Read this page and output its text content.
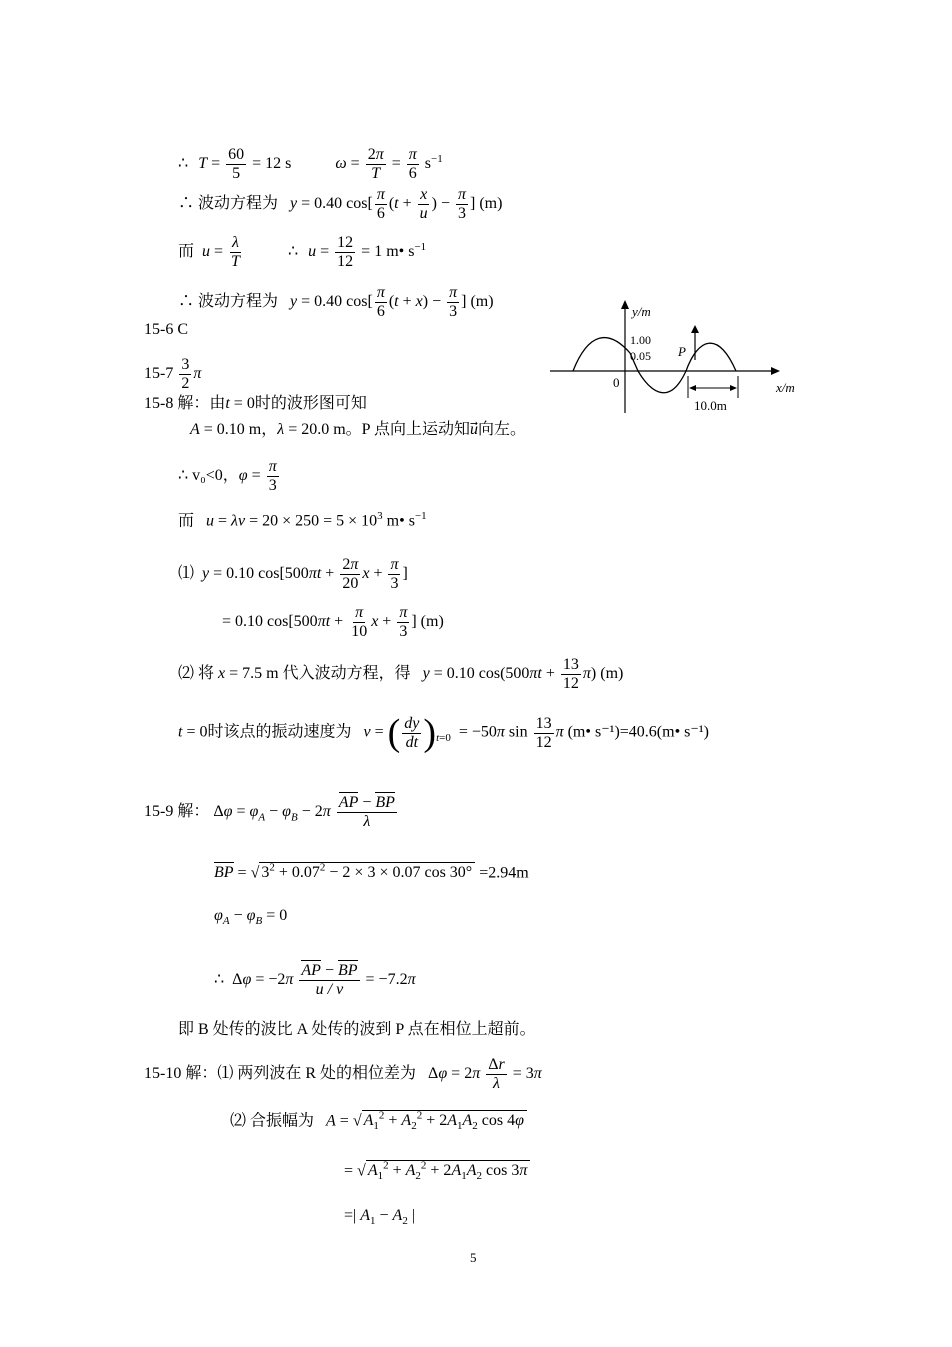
∴ $T = \frac{60}{5} = 12$ s	$\omega = \frac{2\pi}{T} = \frac{\pi}{6} s^{-1}$
∴ 波动方程为 y = 0.40 $\cos[ \frac{\pi}{6} (t + \frac{x}{u}$ ) − $\frac{\pi}{3}$ ] (m)
而 $u = \frac{\lambda}{T}$	∴ $u = \frac{12}{12} = 1$ m• $s^{-1}$
∴ 波动方程为 y = 0.40 $\cos[ \frac{\pi}{6} (t + x) - \frac{\pi}{3}$ ] (m)
15-6 C
$15-7 \frac{3}{2}$ π
y/m
x/m
1.00
0.05
0
P
10.0m
15-8 解：由t = 0时的波形图可知
A = 0.10 m，λ = 20.0 m。P 点向上运动知u向左。
∴ v₀<0，$\varphi = \frac{\pi}{3}$
而 $u = \lambda\nu = 20 \times 250 = 5 \times 10^3$ m• $s^{-1}$
⑴ y = 0.10 $\cos[500\pi t + \frac{2\pi}{20}$ $x + \frac{\pi}{3}$ ]
= 0.10 $\cos[500\pi t + \frac{\pi}{10}$ $x + \frac{\pi}{3}$ ] (m)
⑵ 将 x = 7.5 m 代入波动方程，得 y = 0.10 $\cos(500\pi t + \frac{13}{12} \pi)$ (m)
t = 0时该点的振动速度为 v = ( $\frac{dy}{dt} )_{t=0} = -50\pi$ $\sin \frac{13}{12}$ π (m• s⁻¹)=40.6(m• s⁻¹)
15-9 解： $\Delta\varphi = \varphi_A - \varphi_B - 2\pi \frac{AP - BP}{\lambda}$
BP = √ $3^2 + 0.07^2 - 2 \times 3 \times 0.07$ cos 30° =2.94m
$\varphi_A - \varphi_B = 0$
∴  $\Delta\varphi = -2\pi \frac{AP - BP}{u / \nu} = -7.2\pi$
即 B 处传的波比 A 处传的波到 P 点在相位上超前。
15-10 解：⑴ 两列波在 R 处的相位差为   $\Delta\varphi = 2\pi \frac{\Delta r}{\lambda} = 3\pi$
⑵ 合振幅为 A = √ $A_1^2 + A_2^2 + 2A_1A_2$ cos 4φ
= √ $A_1^2 + A_2^2 + 2A_1A_2$ cos 3π
=| $A_1 - A_2$ |
5
